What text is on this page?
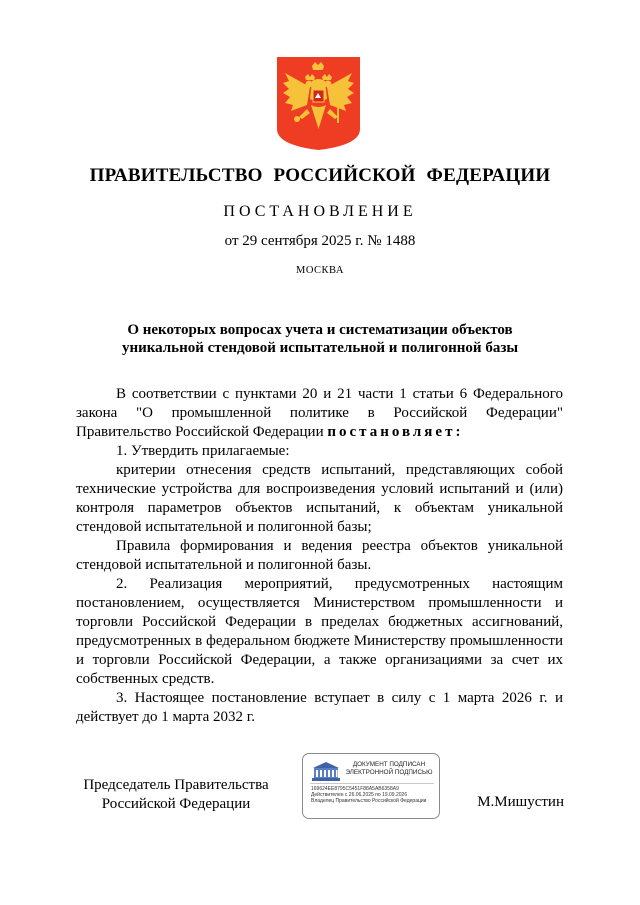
ПРАВИТЕЛЬСТВО РОССИЙСКОЙ ФЕДЕРАЦИИ
ПОСТАНОВЛЕНИЕ
от 29 сентября 2025 г. № 1488
МОСКВА
О некоторых вопросах учета и систематизации объектов
уникальной стендовой испытательной и полигонной базы

В соответствии с пунктами 20 и 21 части 1 статьи 6 Федерального закона "О промышленной политике в Российской Федерации" Правительство Российской Федерации постановляет:

1. Утвердить прилагаемые:

критерии отнесения средств испытаний, представляющих собой технические устройства для воспроизведения условий испытаний и (или) контроля параметров объектов испытаний, к объектам уникальной стендовой испытательной и полигонной базы;

Правила формирования и ведения реестра объектов уникальной стендовой испытательной и полигонной базы.

2. Реализация мероприятий, предусмотренных настоящим постановлением, осуществляется Министерством промышленности и торговли Российской Федерации в пределах бюджетных ассигнований, предусмотренных в федеральном бюджете Министерству промышленности и торговли Российской Федерации, а также организациями за счет их собственных средств.

3. Настоящее постановление вступает в силу с 1 марта 2026 г. и действует до 1 марта 2032 г.

Председатель Правительства
Российской Федерации
ДОКУМЕНТ ПОДПИСАН
ЭЛЕКТРОННОЙ ПОДПИСЬЮ
169624EE8795C5451F88A5AB6358A9
Действителен с 26.06.2025 по 19.09.2026
Владелец Правительство Российской Федерации	М.Мишустин
